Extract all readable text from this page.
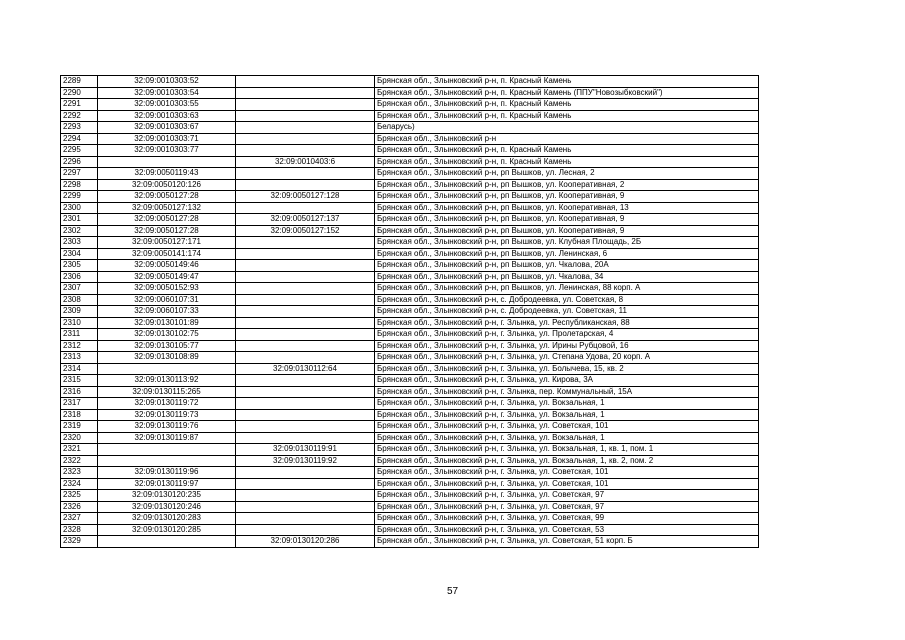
2289	32:09:0010303:52		Брянская обл., Злынковский р-н, п. Красный Камень
2290	32:09:0010303:54		Брянская обл., Злынковский р-н, п. Красный Камень (ППУ"Новозыбковский")
2291	32:09:0010303:55		Брянская обл., Злынковский р-н, п. Красный Камень
2292	32:09:0010303:63		Брянская обл., Злынковский р-н, п. Красный Камень
2293	32:09:0010303:67		Беларусь)
2294	32:09:0010303:71		Брянская обл., Злынковский р-н
2295	32:09:0010303:77		Брянская обл., Злынковский р-н, п. Красный Камень
2296		32:09:0010403:6	Брянская обл., Злынковский р-н, п. Красный Камень
2297	32:09:0050119:43		Брянская обл., Злынковский р-н, рп Вышков, ул. Лесная, 2
2298	32:09:0050120:126		Брянская обл., Злынковский р-н, рп Вышков, ул. Кооперативная, 2
2299	32:09:0050127:28	32:09:0050127:128	Брянская обл., Злынковский р-н, рп Вышков, ул. Кооперативная, 9
2300	32:09:0050127:132		Брянская обл., Злынковский р-н, рп Вышков, ул. Кооперативная, 13
2301	32:09:0050127:28	32:09:0050127:137	Брянская обл., Злынковский р-н, рп Вышков, ул. Кооперативная, 9
2302	32:09:0050127:28	32:09:0050127:152	Брянская обл., Злынковский р-н, рп Вышков, ул. Кооперативная, 9
2303	32:09:0050127:171		Брянская обл., Злынковский р-н, рп Вышков, ул. Клубная Площадь, 2Б
2304	32:09:0050141:174		Брянская обл., Злынковский р-н, рп Вышков, ул. Ленинская, 6
2305	32:09:0050149:46		Брянская обл., Злынковский р-н, рп Вышков, ул. Чкалова, 20А
2306	32:09:0050149:47		Брянская обл., Злынковский р-н, рп Вышков, ул. Чкалова, 34
2307	32:09:0050152:93		Брянская обл., Злынковский р-н, рп Вышков, ул. Ленинская, 88 корп. А
2308	32:09:0060107:31		Брянская обл., Злынковский р-н, с. Добродеевка, ул. Советская, 8
2309	32:09:0060107:33		Брянская обл., Злынковский р-н, с. Добродеевка, ул. Советская, 11
2310	32:09:0130101:89		Брянская обл., Злынковский р-н, г. Злынка, ул. Республиканская, 88
2311	32:09:0130102:75		Брянская обл., Злынковский р-н, г. Злынка, ул. Пролетарская, 4
2312	32:09:0130105:77		Брянская обл., Злынковский р-н, г. Злынка, ул. Ирины Рубцовой, 16
2313	32:09:0130108:89		Брянская обл., Злынковский р-н, г. Злынка, ул. Степана Удова, 20 корп. А
2314		32:09:0130112:64	Брянская обл., Злынковский р-н, г. Злынка, ул. Болычева, 15, кв. 2
2315	32:09:0130113:92		Брянская обл., Злынковский р-н, г. Злынка, ул. Кирова, 3А
2316	32:09:0130115:265		Брянская обл., Злынковский р-н, г. Злынка, пер. Коммунальный, 15А
2317	32:09:0130119:72		Брянская обл., Злынковский р-н, г. Злынка, ул. Вокзальная, 1
2318	32:09:0130119:73		Брянская обл., Злынковский р-н, г. Злынка, ул. Вокзальная, 1
2319	32:09:0130119:76		Брянская обл., Злынковский р-н, г. Злынка, ул. Советская, 101
2320	32:09:0130119:87		Брянская обл., Злынковский р-н, г. Злынка, ул. Вокзальная, 1
2321		32:09:0130119:91	Брянская обл., Злынковский р-н, г. Злынка, ул. Вокзальная, 1, кв. 1, пом. 1
2322		32:09:0130119:92	Брянская обл., Злынковский р-н, г. Злынка, ул. Вокзальная, 1, кв. 2, пом. 2
2323	32:09:0130119:96		Брянская обл., Злынковский р-н, г. Злынка, ул. Советская, 101
2324	32:09:0130119:97		Брянская обл., Злынковский р-н, г. Злынка, ул. Советская, 101
2325	32:09:0130120:235		Брянская обл., Злынковский р-н, г. Злынка, ул. Советская, 97
2326	32:09:0130120:246		Брянская обл., Злынковский р-н, г. Злынка, ул. Советская, 97
2327	32:09:0130120:283		Брянская обл., Злынковский р-н, г. Злынка, ул. Советская, 99
2328	32:09:0130120:285		Брянская обл., Злынковский р-н, г. Злынка, ул. Советская, 53
2329		32:09:0130120:286	Брянская обл., Злынковский р-н, г. Злынка, ул. Советская, 51 корп. Б
57
